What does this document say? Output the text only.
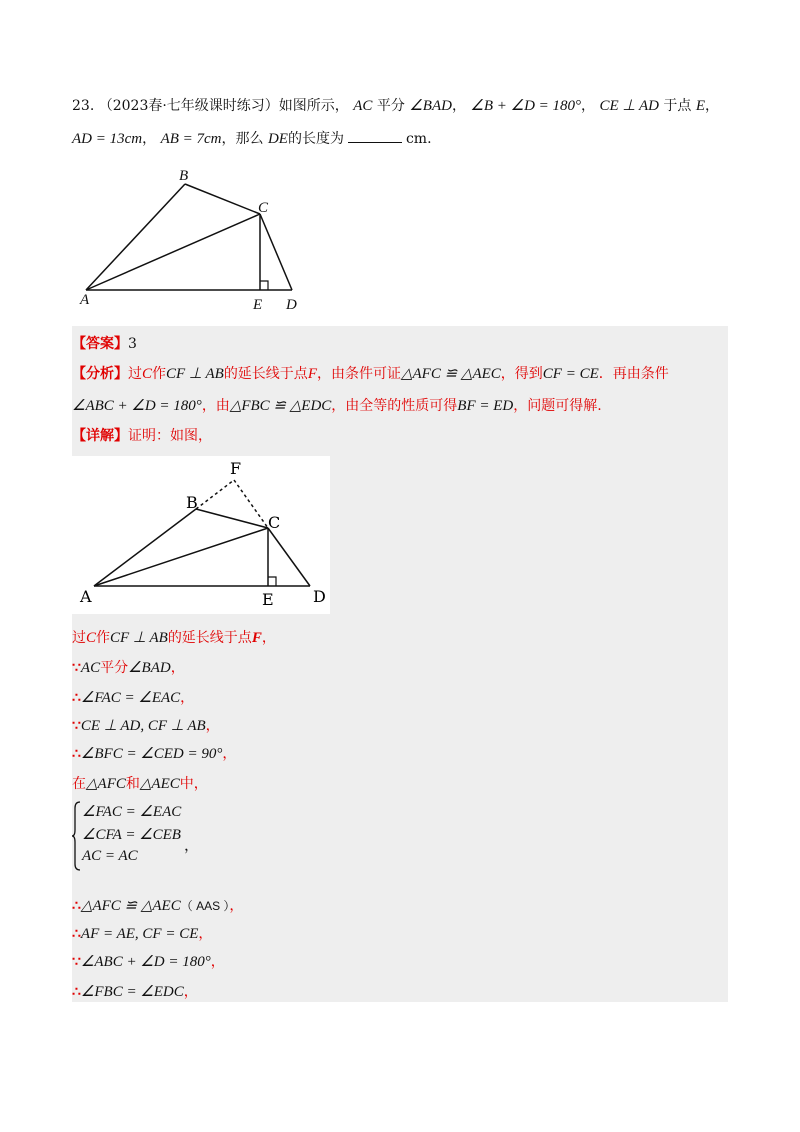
23. （2023春·七年级课时练习）如图所示， AC 平分 ∠BAD， ∠B + ∠D = 180°， CE ⊥ AD 于点 E，
AD = 13cm， AB = 7cm，那么 DE的长度为	cm.
A
B
C
E D
【答案】3
【分析】过C作CF ⊥ AB的延长线于点F，由条件可证△AFC ≌ △AEC，得到CF = CE．再由条件
∠ABC + ∠D = 180°，由△FBC ≌ △EDC，由全等的性质可得BF = ED，问题可得解.
【详解】证明：如图，
A
B
C
F
E D
过C作CF ⊥ AB的延长线于点F，
∵AC平分∠BAD，
∴∠FAC = ∠EAC，
∵CE ⊥ AD, CF ⊥ AB，
∴∠BFC = ∠CED = 90°，
在△AFC和△AEC中，
∠FAC = ∠EAC
∠CFA = ∠CEB
AC = AC
，
∴△AFC ≌ △AEC（ AAS ），
∴AF = AE, CF = CE，
∵∠ABC + ∠D = 180°，
∴∠FBC = ∠EDC，
